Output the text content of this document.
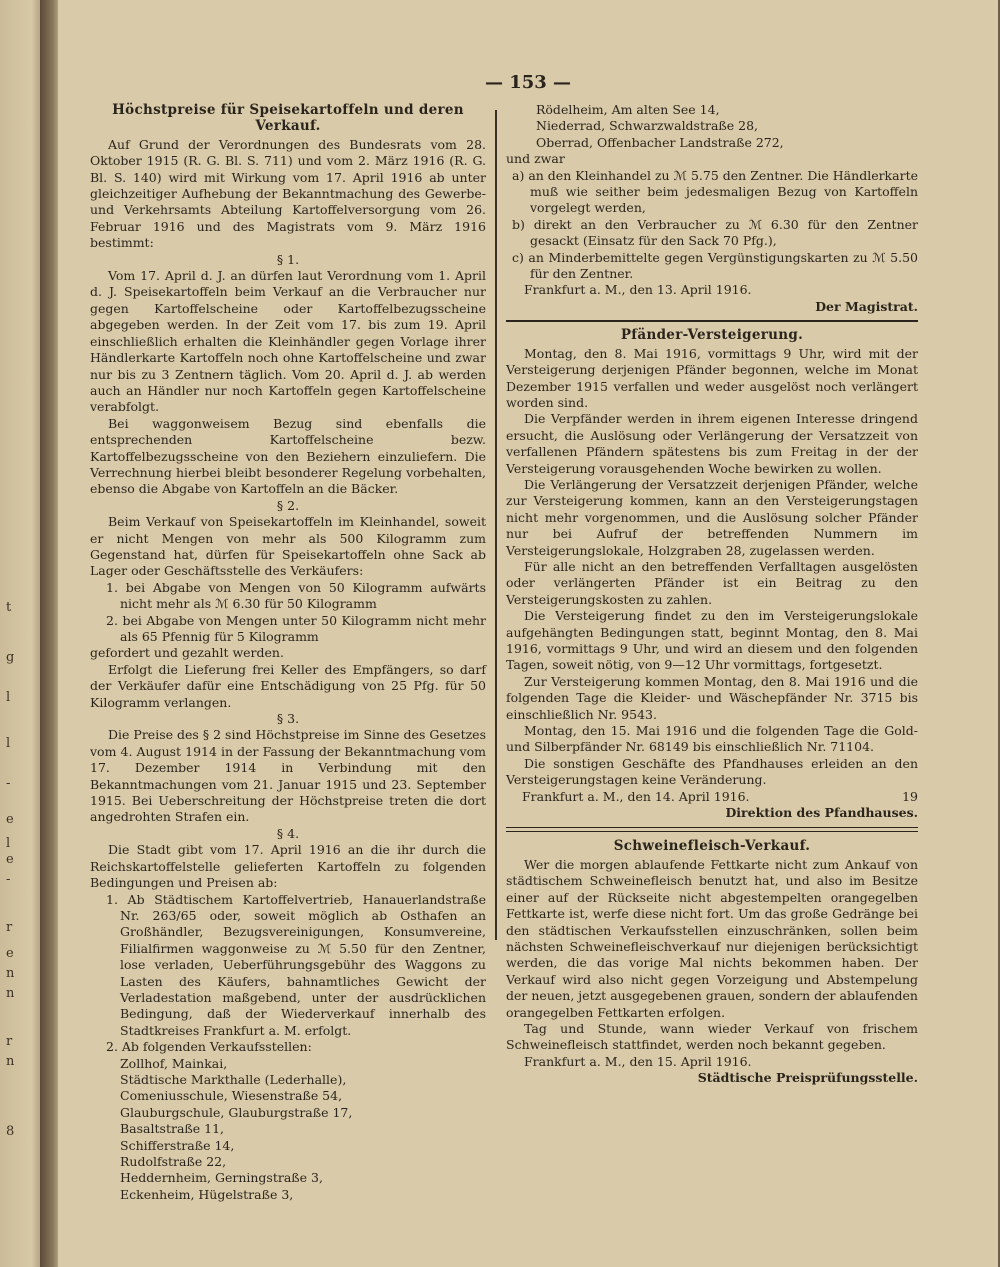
t
g
l
l
-
e
l
e
-
r
e
n
n
r
n
8
— 153 —
Höchstpreise für Speisekartoffeln und deren Verkauf.

Auf Grund der Verordnungen des Bundesrats vom 28. Oktober 1915 (R. G. Bl. S. 711) und vom 2. März 1916 (R. G. Bl. S. 140) wird mit Wirkung vom 17. April 1916 ab unter gleichzeitiger Aufhebung der Bekanntmachung des Gewerbe- und Verkehrsamts Abteilung Kartoffelversorgung vom 26. Februar 1916 und des Magistrats vom 9. März 1916 bestimmt:

§ 1.

Vom 17. April d. J. an dürfen laut Verordnung vom 1. April d. J. Speisekartoffeln beim Verkauf an die Verbraucher nur gegen Kartoffelscheine oder Kartoffelbezugsscheine abgegeben werden. In der Zeit vom 17. bis zum 19. April einschließlich erhalten die Kleinhändler gegen Vorlage ihrer Händlerkarte Kartoffeln noch ohne Kartoffelscheine und zwar nur bis zu 3 Zentnern täglich. Vom 20. April d. J. ab werden auch an Händler nur noch Kartoffeln gegen Kartoffelscheine verabfolgt.

Bei waggonweisem Bezug sind ebenfalls die entsprechenden Kartoffelscheine bezw. Kartoffelbezugsscheine von den Beziehern einzuliefern. Die Verrechnung hierbei bleibt besonderer Regelung vorbehalten, ebenso die Abgabe von Kartoffeln an die Bäcker.

§ 2.

Beim Verkauf von Speisekartoffeln im Kleinhandel, soweit er nicht Mengen von mehr als 500 Kilogramm zum Gegenstand hat, dürfen für Speisekartoffeln ohne Sack ab Lager oder Geschäftsstelle des Verkäufers:

1. bei Abgabe von Mengen von 50 Kilogramm aufwärts nicht mehr als ℳ 6.30 für 50 Kilogramm

2. bei Abgabe von Mengen unter 50 Kilogramm nicht mehr als 65 Pfennig für 5 Kilogramm

gefordert und gezahlt werden.

Erfolgt die Lieferung frei Keller des Empfängers, so darf der Verkäufer dafür eine Entschädigung von 25 Pfg. für 50 Kilogramm verlangen.

§ 3.

Die Preise des § 2 sind Höchstpreise im Sinne des Gesetzes vom 4. August 1914 in der Fassung der Bekanntmachung vom 17. Dezember 1914 in Verbindung mit den Bekanntmachungen vom 21. Januar 1915 und 23. September 1915. Bei Ueberschreitung der Höchstpreise treten die dort angedrohten Strafen ein.

§ 4.

Die Stadt gibt vom 17. April 1916 an die ihr durch die Reichskartoffelstelle gelieferten Kartoffeln zu folgenden Bedingungen und Preisen ab:

1. Ab Städtischem Kartoffelvertrieb, Hanauerlandstraße Nr. 263/65 oder, soweit möglich ab Osthafen an Großhändler, Bezugsvereinigungen, Konsumvereine, Filialfirmen waggonweise zu ℳ 5.50 für den Zentner, lose verladen, Ueberführungsgebühr des Waggons zu Lasten des Käufers, bahnamtliches Gewicht der Verladestation maßgebend, unter der ausdrücklichen Bedingung, daß der Wiederverkauf innerhalb des Stadtkreises Frankfurt a. M. erfolgt.

2. Ab folgenden Verkaufsstellen:

Zollhof, Mainkai,
Städtische Markthalle (Lederhalle),
Comeniusschule, Wiesenstraße 54,
Glauburgschule, Glauburgstraße 17,
Basaltstraße 11,
Schifferstraße 14,
Rudolfstraße 22,
Heddernheim, Gerningstraße 3,
Eckenheim, Hügelstraße 3,
Rödelheim, Am alten See 14,
Niederrad, Schwarzwaldstraße 28,
Oberrad, Offenbacher Landstraße 272,

und zwar

a) an den Kleinhandel zu ℳ 5.75 den Zentner. Die Händlerkarte muß wie seither beim jedesmaligen Bezug von Kartoffeln vorgelegt werden,

b) direkt an den Verbraucher zu ℳ 6.30 für den Zentner gesackt (Einsatz für den Sack 70 Pfg.),

c) an Minderbemittelte gegen Vergünstigungskarten zu ℳ 5.50 für den Zentner.

Frankfurt a. M., den 13. April 1916.

Der Magistrat.
Pfänder-Versteigerung.

Montag, den 8. Mai 1916, vormittags 9 Uhr, wird mit der Versteigerung derjenigen Pfänder begonnen, welche im Monat Dezember 1915 verfallen und weder ausgelöst noch verlängert worden sind.

Die Verpfänder werden in ihrem eigenen Interesse dringend ersucht, die Auslösung oder Verlängerung der Versatzzeit von verfallenen Pfändern spätestens bis zum Freitag in der der Versteigerung vorausgehenden Woche bewirken zu wollen.

Die Verlängerung der Versatzzeit derjenigen Pfänder, welche zur Versteigerung kommen, kann an den Versteigerungstagen nicht mehr vorgenommen, und die Auslösung solcher Pfänder nur bei Aufruf der betreffenden Nummern im Versteigerungslokale, Holzgraben 28, zugelassen werden.

Für alle nicht an den betreffenden Verfalltagen ausgelösten oder verlängerten Pfänder ist ein Beitrag zu den Versteigerungskosten zu zahlen.

Die Versteigerung findet zu den im Versteigerungslokale aufgehängten Bedingungen statt, beginnt Montag, den 8. Mai 1916, vormittags 9 Uhr, und wird an diesem und den folgenden Tagen, soweit nötig, von 9—12 Uhr vormittags, fortgesetzt.

Zur Versteigerung kommen Montag, den 8. Mai 1916 und die folgenden Tage die Kleider- und Wäschepfänder Nr. 3715 bis einschließlich Nr. 9543.

Montag, den 15. Mai 1916 und die folgenden Tage die Gold- und Silberpfänder Nr. 68149 bis einschließlich Nr. 71104.

Die sonstigen Geschäfte des Pfandhauses erleiden an den Versteigerungstagen keine Veränderung.

Frankfurt a. M., den 14. April 1916.	19
Direktion des Pfandhauses.
Schweinefleisch-Verkauf.

Wer die morgen ablaufende Fettkarte nicht zum Ankauf von städtischem Schweinefleisch benutzt hat, und also im Besitze einer auf der Rückseite nicht abgestempelten orangegelben Fettkarte ist, werfe diese nicht fort. Um das große Gedränge bei den städtischen Verkaufsstellen einzuschränken, sollen beim nächsten Schweinefleischverkauf nur diejenigen berücksichtigt werden, die das vorige Mal nichts bekommen haben. Der Verkauf wird also nicht gegen Vorzeigung und Abstempelung der neuen, jetzt ausgegebenen grauen, sondern der ablaufenden orangegelben Fettkarten erfolgen.

Tag und Stunde, wann wieder Verkauf von frischem Schweinefleisch stattfindet, werden noch bekannt gegeben.

Frankfurt a. M., den 15. April 1916.

Städtische Preisprüfungsstelle.
